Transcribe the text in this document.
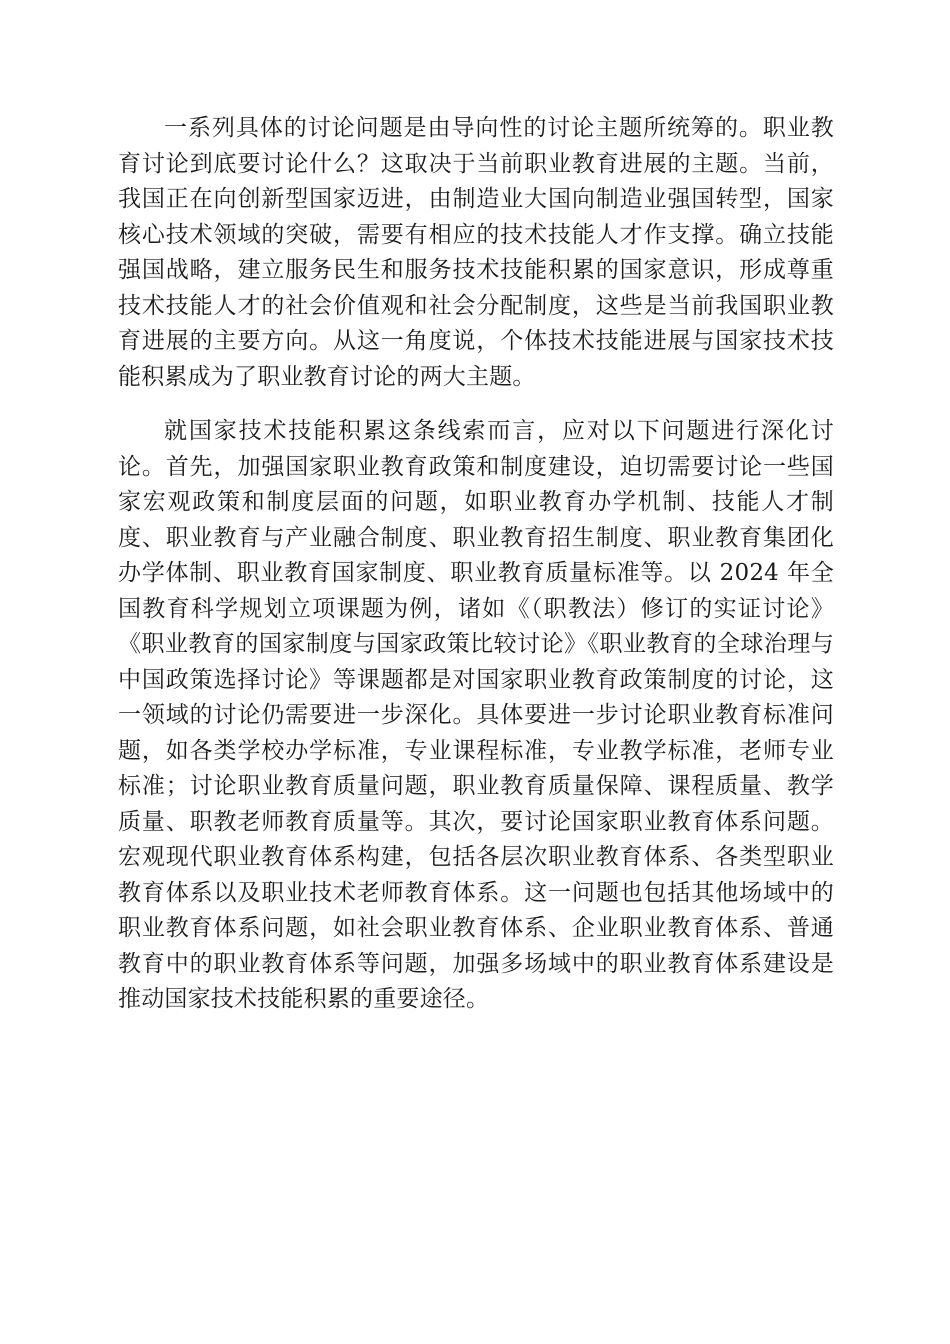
一系列具体的讨论问题是由导向性的讨论主题所统筹的。职业教育讨论到底要讨论什么？这取决于当前职业教育进展的主题。当前，我国正在向创新型国家迈进，由制造业大国向制造业强国转型，国家核心技术领域的突破，需要有相应的技术技能人才作支撑。确立技能强国战略，建立服务民生和服务技术技能积累的国家意识，形成尊重技术技能人才的社会价值观和社会分配制度，这些是当前我国职业教育进展的主要方向。从这一角度说，个体技术技能进展与国家技术技能积累成为了职业教育讨论的两大主题。

就国家技术技能积累这条线索而言，应对以下问题进行深化讨论。首先，加强国家职业教育政策和制度建设，迫切需要讨论一些国家宏观政策和制度层面的问题，如职业教育办学机制、技能人才制度、职业教育与产业融合制度、职业教育招生制度、职业教育集团化办学体制、职业教育国家制度、职业教育质量标准等。以 2024 年全国教育科学规划立项课题为例，诸如《（职教法）修订的实证讨论》《职业教育的国家制度与国家政策比较讨论》《职业教育的全球治理与中国政策选择讨论》等课题都是对国家职业教育政策制度的讨论，这一领域的讨论仍需要进一步深化。具体要进一步讨论职业教育标准问题，如各类学校办学标准，专业课程标准，专业教学标准，老师专业标准；讨论职业教育质量问题，职业教育质量保障、课程质量、教学质量、职教老师教育质量等。其次，要讨论国家职业教育体系问题。宏观现代职业教育体系构建，包括各层次职业教育体系、各类型职业教育体系以及职业技术老师教育体系。这一问题也包括其他场域中的职业教育体系问题，如社会职业教育体系、企业职业教育体系、普通教育中的职业教育体系等问题，加强多场域中的职业教育体系建设是推动国家技术技能积累的重要途径。
